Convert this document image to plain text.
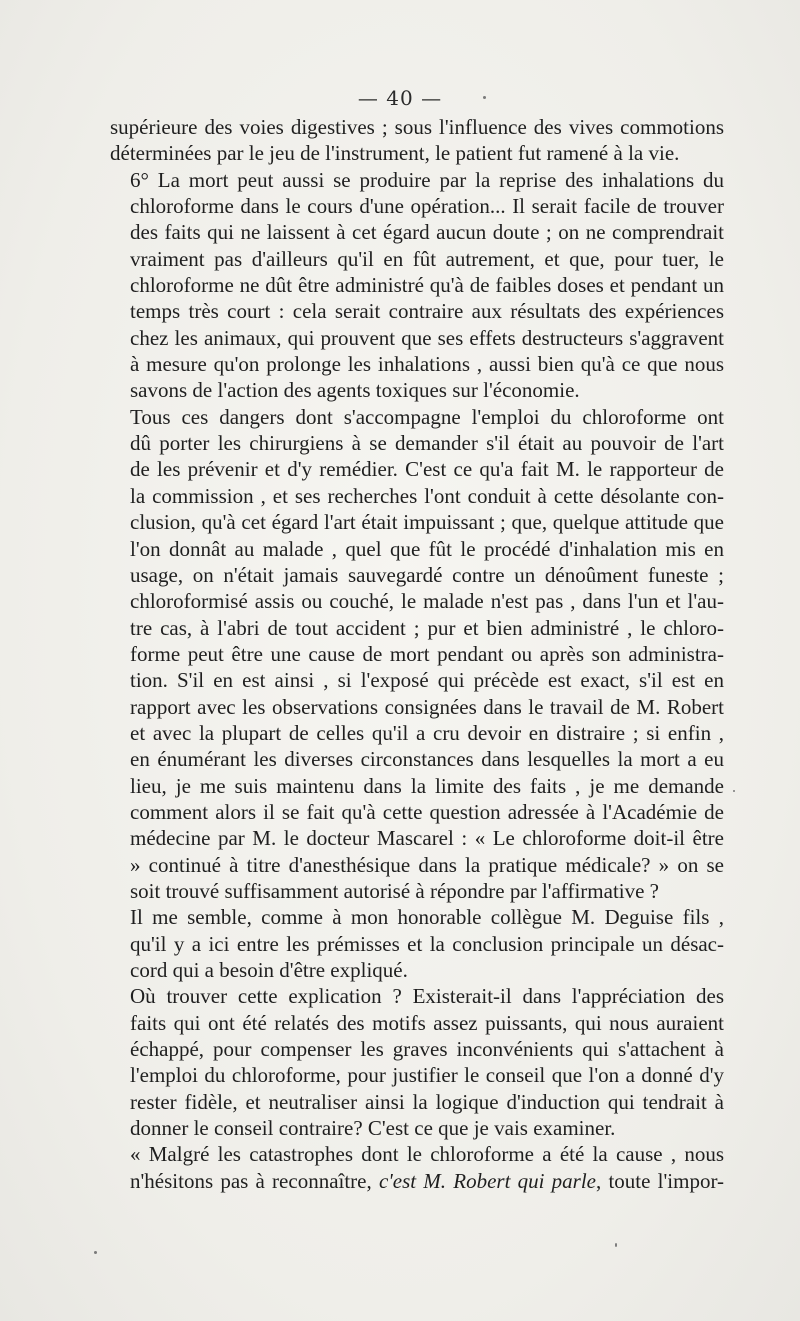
— 40 —

supérieure des voies digestives ; sous l'influence des vives commotions
déterminées par le jeu de l'instrument, le patient fut ramené à la vie.

6° La mort peut aussi se produire par la reprise des inhalations du
chloroforme dans le cours d'une opération... Il serait facile de trouver
des faits qui ne laissent à cet égard aucun doute ; on ne comprendrait
vraiment pas d'ailleurs qu'il en fût autrement, et que, pour tuer, le
chloroforme ne dût être administré qu'à de faibles doses et pendant un
temps très court : cela serait contraire aux résultats des expériences
chez les animaux, qui prouvent que ses effets destructeurs s'aggravent
à mesure qu'on prolonge les inhalations , aussi bien qu'à ce que nous
savons de l'action des agents toxiques sur l'économie.

Tous ces dangers dont s'accompagne l'emploi du chloroforme ont
dû porter les chirurgiens à se demander s'il était au pouvoir de l'art
de les prévenir et d'y remédier. C'est ce qu'a fait M. le rapporteur de
la commission , et ses recherches l'ont conduit à cette désolante con-
clusion, qu'à cet égard l'art était impuissant ; que, quelque attitude que
l'on donnât au malade , quel que fût le procédé d'inhalation mis en
usage, on n'était jamais sauvegardé contre un dénoûment funeste ;
chloroformisé assis ou couché, le malade n'est pas , dans l'un et l'au-
tre cas, à l'abri de tout accident ; pur et bien administré , le chloro-
forme peut être une cause de mort pendant ou après son administra-
tion. S'il en est ainsi , si l'exposé qui précède est exact, s'il est en
rapport avec les observations consignées dans le travail de M. Robert
et avec la plupart de celles qu'il a cru devoir en distraire ; si enfin ,
en énumérant les diverses circonstances dans lesquelles la mort a eu
lieu, je me suis maintenu dans la limite des faits , je me demande
comment alors il se fait qu'à cette question adressée à l'Académie de
médecine par M. le docteur Mascarel : « Le chloroforme doit-il être
» continué à titre d'anesthésique dans la pratique médicale? » on se
soit trouvé suffisamment autorisé à répondre par l'affirmative ?

Il me semble, comme à mon honorable collègue M. Deguise fils ,
qu'il y a ici entre les prémisses et la conclusion principale un désac-
cord qui a besoin d'être expliqué.

Où trouver cette explication ? Existerait-il dans l'appréciation des
faits qui ont été relatés des motifs assez puissants, qui nous auraient
échappé, pour compenser les graves inconvénients qui s'attachent à
l'emploi du chloroforme, pour justifier le conseil que l'on a donné d'y
rester fidèle, et neutraliser ainsi la logique d'induction qui tendrait à
donner le conseil contraire? C'est ce que je vais examiner.

« Malgré les catastrophes dont le chloroforme a été la cause , nous
n'hésitons pas à reconnaître, c'est M. Robert qui parle, toute l'impor-
